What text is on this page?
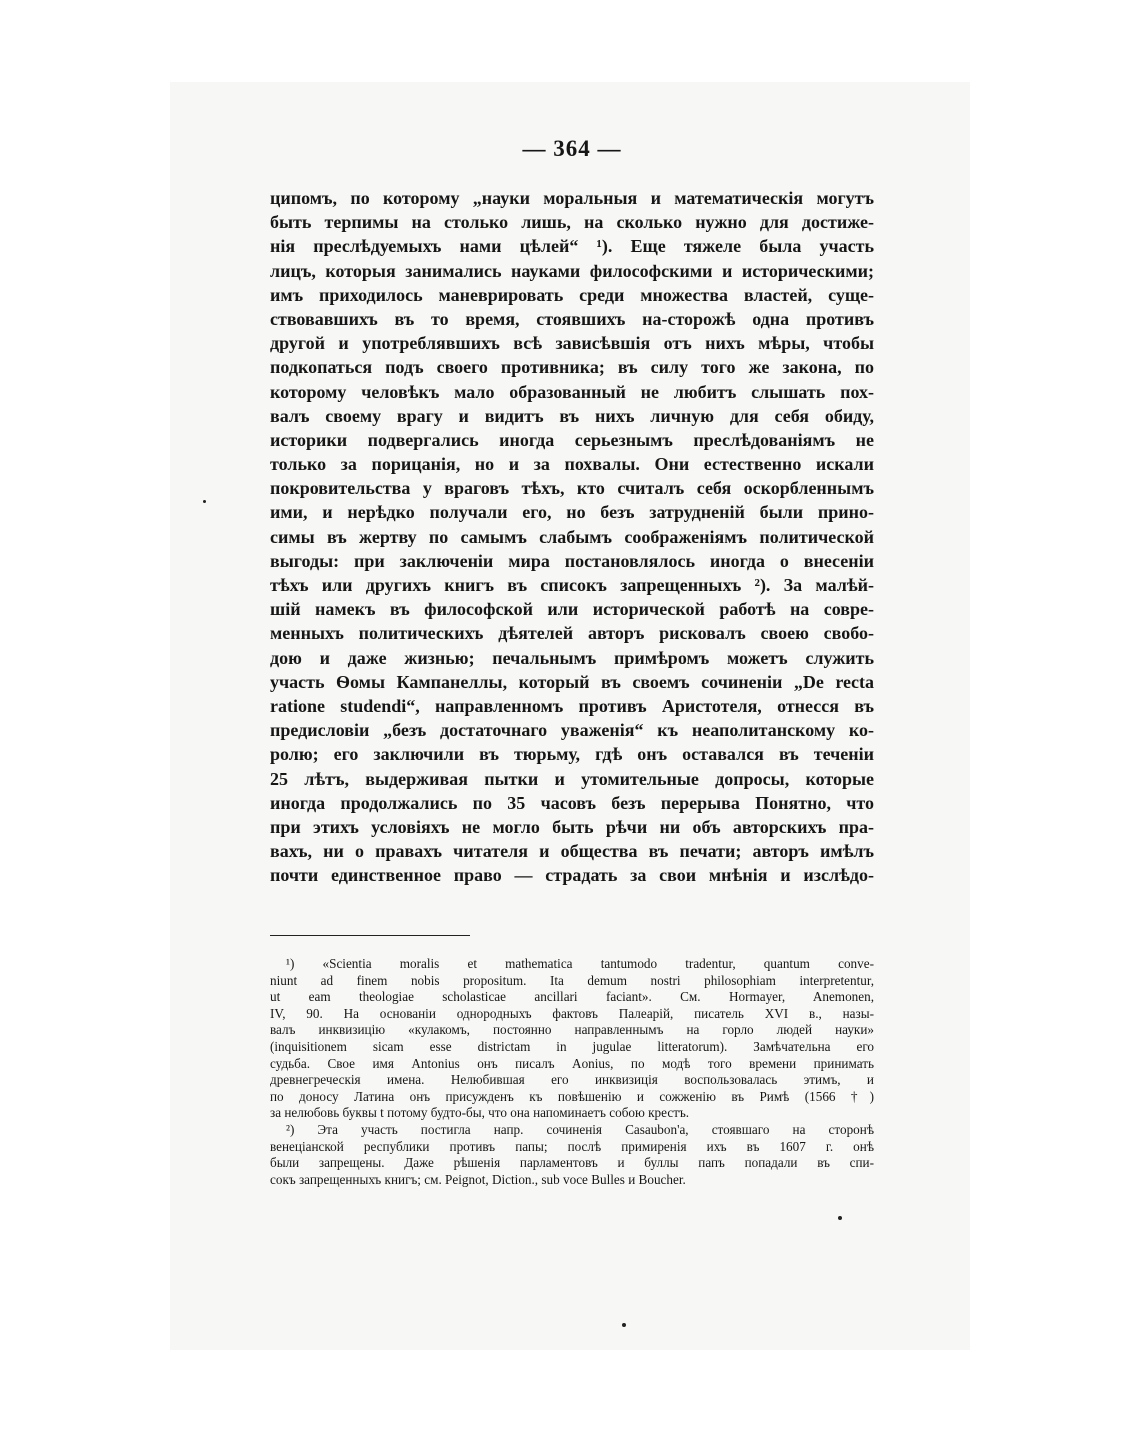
— 364 —
ципомъ, по которому „науки моральныя и математическія могутъ
быть терпимы на столько лишь, на сколько нужно для достиже-
нія преслѣдуемыхъ нами цѣлей“ ¹). Еще тяжеле была участь
лицъ, которыя занимались науками философскими и историческими;
имъ приходилось маневрировать среди множества властей, суще-
ствовавшихъ въ то время, стоявшихъ на-сторожѣ одна противъ
другой и употреблявшихъ всѣ зависѣвшія отъ нихъ мѣры, чтобы
подкопаться подъ своего противника; въ силу того же закона, по
которому человѣкъ мало образованный не любитъ слышать пох-
валъ своему врагу и видитъ въ нихъ личную для себя обиду,
историки подвергались иногда серьезнымъ преслѣдованіямъ не
только за порицанія, но и за похвалы. Они естественно искали
покровительства у враговъ тѣхъ, кто считалъ себя оскорбленнымъ
ими, и нерѣдко получали его, но безъ затрудненій были прино-
симы въ жертву по самымъ слабымъ соображеніямъ политической
выгоды: при заключеніи мира постановлялось иногда о внесеніи
тѣхъ или другихъ книгъ въ списокъ запрещенныхъ ²). За малѣй-
шій намекъ въ философской или исторической работѣ на совре-
менныхъ политическихъ дѣятелей авторъ рисковалъ своею свобо-
дою и даже жизнью; печальнымъ примѣромъ можетъ служить
участь Ѳомы Кампанеллы, который въ своемъ сочиненіи „De recta
ratione studendi“, направленномъ противъ Аристотеля, отнесся въ
предисловіи „безъ достаточнаго уваженія“ къ неаполитанскому ко-
ролю; его заключили въ тюрьму, гдѣ онъ оставался въ теченіи
25 лѣтъ, выдерживая пытки и утомительные допросы, которые
иногда продолжались по 35 часовъ безъ перерыва Понятно, что
при этихъ условіяхъ не могло быть рѣчи ни объ авторскихъ пра-
вахъ, ни о правахъ читателя и общества въ печати; авторъ имѣлъ
почти единственное право — страдать за свои мнѣнія и изслѣдо-
¹) «Scientia moralis et mathematica tantumodo tradentur, quantum conve-
niunt ad finem nobis propositum. Ita demum nostri philosophiam interpretentur,
ut eam theologiae scholasticae ancillari faciant». См. Hormayer, Anemonen,
IV, 90. На основаніи однородныхъ фактовъ Палеарій, писатель XVI в., назы-
валъ инквизицію «кулакомъ, постоянно направленнымъ на горло людей науки»
(inquisitionem sicam esse districtam in jugulae litteratorum). Замѣчательна его
судьба. Свое имя Antonius онъ писалъ Aonius, по модѣ того времени принимать
древнегреческія имена. Нелюбившая его инквизиція воспользовалась этимъ, и
по доносу Латина онъ присужденъ къ повѣшенію и сожженію въ Римѣ (1566 †)
за нелюбовь буквы t потому будто-бы, что она напоминаетъ собою крестъ.
²) Эта участь постигла напр. сочиненія Casaubon'a, стоявшаго на сторонѣ
венеціанской республики противъ папы; послѣ примиренія ихъ въ 1607 г. онѣ
были запрещены. Даже рѣшенія парламентовъ и буллы папъ попадали въ спи-
сокъ запрещенныхъ книгъ; см. Peignot, Diction., sub voce Bulles и Boucher.
